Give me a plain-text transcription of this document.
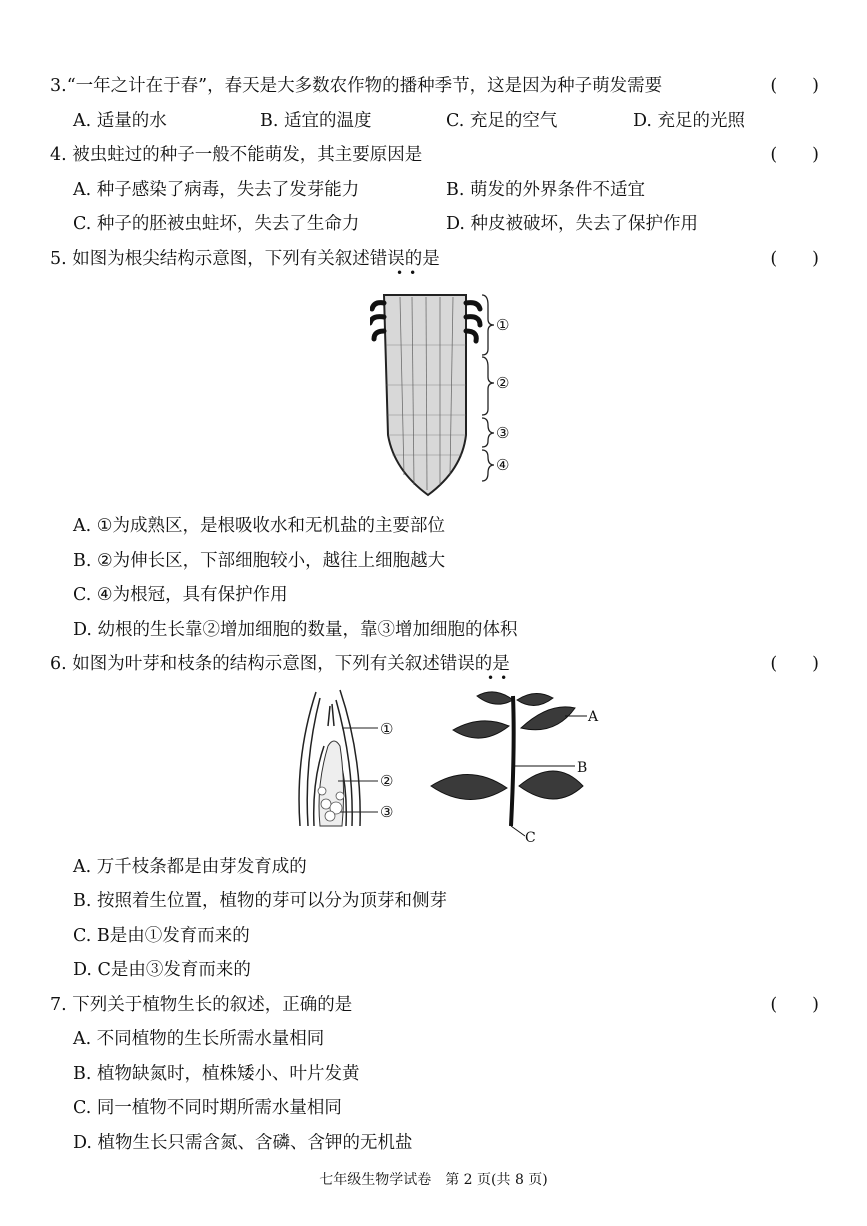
3.“一年之计在于春”，春天是大多数农作物的播种季节，这是因为种子萌发需要	(　　)
A. 适量的水	B. 适宜的温度	C. 充足的空气	D. 充足的光照
4. 被虫蛀过的种子一般不能萌发，其主要原因是	(　　)
A. 种子感染了病毒，失去了发芽能力	B. 萌发的外界条件不适宜
C. 种子的胚被虫蛀坏，失去了生命力	D. 种皮被破坏，失去了保护作用
5. 如图为根尖结构示意图，下列有关叙述错误的是
••
(　　)
①
②
③
④
A. ①为成熟区，是根吸收水和无机盐的主要部位
B. ②为伸长区，下部细胞较小，越往上细胞越大
C. ④为根冠，具有保护作用
D. 幼根的生长靠②增加细胞的数量，靠③增加细胞的体积
6. 如图为叶芽和枝条的结构示意图，下列有关叙述错误的是
••
(　　)
①
②
③
A
B
C
A. 万千枝条都是由芽发育成的
B. 按照着生位置，植物的芽可以分为顶芽和侧芽
C. B是由①发育而来的
D. C是由③发育而来的
7. 下列关于植物生长的叙述，正确的是	(　　)
A. 不同植物的生长所需水量相同
B. 植物缺氮时，植株矮小、叶片发黄
C. 同一植物不同时期所需水量相同
D. 植物生长只需含氮、含磷、含钾的无机盐
七年级生物学试卷　第 2 页(共 8 页)
